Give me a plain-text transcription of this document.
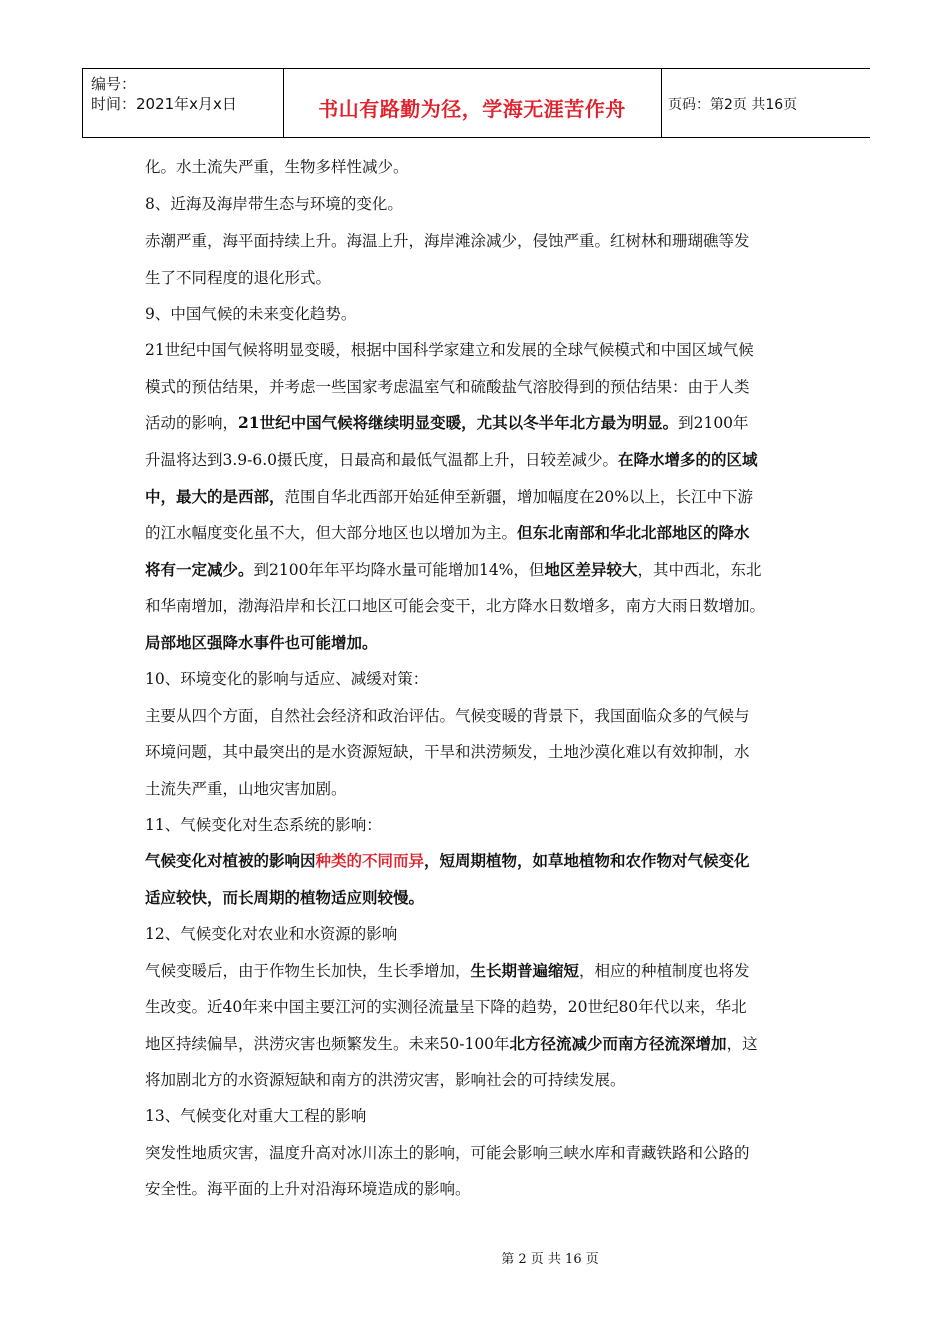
编号：
时间：2021年x月x日	书山有路勤为径，学海无涯苦作舟	页码：第2页 共16页
化。水土流失严重，生物多样性减少。
8、近海及海岸带生态与环境的变化。
赤潮严重，海平面持续上升。海温上升，海岸滩涂减少，侵蚀严重。红树林和珊瑚礁等发
生了不同程度的退化形式。
9、中国气候的未来变化趋势。
21世纪中国气候将明显变暖，根据中国科学家建立和发展的全球气候模式和中国区域气候
模式的预估结果，并考虑一些国家考虑温室气和硫酸盐气溶胶得到的预估结果：由于人类
活动的影响，21世纪中国气候将继续明显变暖，尤其以冬半年北方最为明显。到2100年
升温将达到3.9-6.0摄氏度，日最高和最低气温都上升，日较差减少。在降水增多的的区域
中，最大的是西部，范围自华北西部开始延伸至新疆，增加幅度在20%以上，长江中下游
的江水幅度变化虽不大，但大部分地区也以增加为主。但东北南部和华北北部地区的降水
将有一定减少。到2100年年平均降水量可能增加14%，但地区差异较大，其中西北，东北
和华南增加，渤海沿岸和长江口地区可能会变干，北方降水日数增多，南方大雨日数增加。
局部地区强降水事件也可能增加。
10、环境变化的影响与适应、减缓对策：
主要从四个方面，自然社会经济和政治评估。气候变暖的背景下，我国面临众多的气候与
环境问题，其中最突出的是水资源短缺，干旱和洪涝频发，土地沙漠化难以有效抑制，水
土流失严重，山地灾害加剧。
11、气候变化对生态系统的影响：
气候变化对植被的影响因种类的不同而异，短周期植物，如草地植物和农作物对气候变化
适应较快，而长周期的植物适应则较慢。
12、气候变化对农业和水资源的影响
气候变暖后，由于作物生长加快，生长季增加，生长期普遍缩短，相应的种植制度也将发
生改变。近40年来中国主要江河的实测径流量呈下降的趋势，20世纪80年代以来，华北
地区持续偏旱，洪涝灾害也频繁发生。未来50-100年北方径流减少而南方径流深增加，这
将加剧北方的水资源短缺和南方的洪涝灾害，影响社会的可持续发展。
13、气候变化对重大工程的影响
突发性地质灾害，温度升高对冰川冻土的影响，可能会影响三峡水库和青藏铁路和公路的
安全性。海平面的上升对沿海环境造成的影响。
第 2 页 共 16 页
